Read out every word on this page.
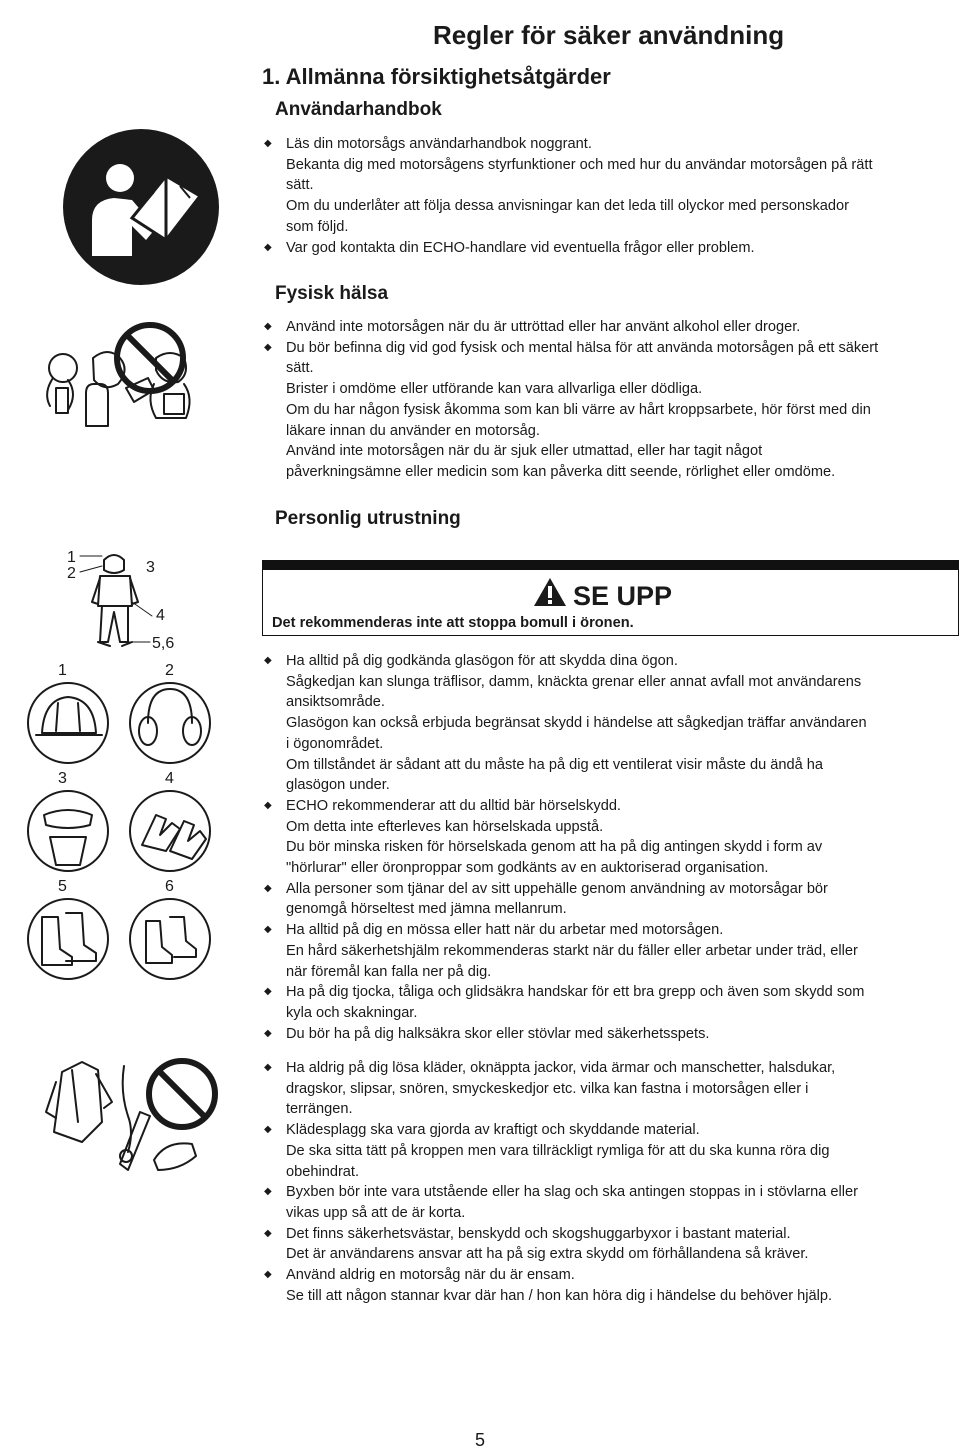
Regler för säker användning
1. Allmänna försiktighetsåtgärder
Användarhandbok
◆ Läs din motorsågs användarhandbok noggrant.
Bekanta dig med motorsågens styrfunktioner och med hur du användar motorsågen på rätt
sätt.
Om du underlåter att följa dessa anvisningar kan det leda till olyckor med personskador
som följd.
◆ Var god kontakta din ECHO-handlare vid eventuella frågor eller problem.
Fysisk hälsa
◆ Använd inte motorsågen när du är uttröttad eller har använt alkohol eller droger.
◆ Du bör befinna dig vid god fysisk och mental hälsa för att använda motorsågen på ett säkert
sätt.
Brister i omdöme eller utförande kan vara allvarliga eller dödliga.
Om du har någon fysisk åkomma som kan bli värre av hårt kroppsarbete, hör först med din
läkare innan du använder en motorsåg.
Använd inte motorsågen när du är sjuk eller utmattad, eller har tagit något
påverkningsämne eller medicin som kan påverka ditt seende, rörlighet eller omdöme.
Personlig utrustning
1
2	3
4
5,6
1	2
3	4
5	6
SE UPP
Det rekommenderas inte att stoppa bomull i öronen.
◆ Ha alltid på dig godkända glasögon för att skydda dina ögon.
Sågkedjan kan slunga träflisor, damm, knäckta grenar eller annat avfall mot användarens
ansiktsområde.
Glasögon kan också erbjuda begränsat skydd i händelse att sågkedjan träffar användaren
i ögonområdet.
Om tillståndet är sådant att du måste ha på dig ett ventilerat visir måste du ändå ha
glasögon under.
◆ ECHO rekommenderar att du alltid bär hörselskydd.
Om detta inte efterleves kan hörselskada uppstå.
Du bör minska risken för hörselskada genom att ha på dig antingen skydd i form av
"hörlurar" eller öronproppar som godkänts av en auktoriserad organisation.
◆ Alla personer som tjänar del av sitt uppehälle genom användning av motorsågar bör
genomgå hörseltest med jämna mellanrum.
◆ Ha alltid på dig en mössa eller hatt när du arbetar med motorsågen.
En hård säkerhetshjälm rekommenderas starkt när du fäller eller arbetar under träd, eller
när föremål kan falla ner på dig.
◆ Ha på dig tjocka, tåliga och glidsäkra handskar för ett bra grepp och även som skydd som
kyla och skakningar.
◆ Du bör ha på dig halksäkra skor eller stövlar med säkerhetsspets.
◆ Ha aldrig på dig lösa kläder, oknäppta jackor, vida ärmar och manschetter, halsdukar,
dragskor, slipsar, snören, smyckeskedjor etc. vilka kan fastna i motorsågen eller i
terrängen.
◆ Klädesplagg ska vara gjorda av kraftigt och skyddande material.
De ska sitta tätt på kroppen men vara tillräckligt rymliga för att du ska kunna röra dig
obehindrat.
◆ Byxben bör inte vara utstående eller ha slag och ska antingen stoppas in i stövlarna eller
vikas upp så att de är korta.
◆ Det finns säkerhetsvästar, benskydd och skogshuggarbyxor i bastant material.
Det är användarens ansvar att ha på sig extra skydd om förhållandena så kräver.
◆ Använd aldrig en motorsåg när du är ensam.
Se till att någon stannar kvar där han / hon kan höra dig i händelse du behöver hjälp.
5
